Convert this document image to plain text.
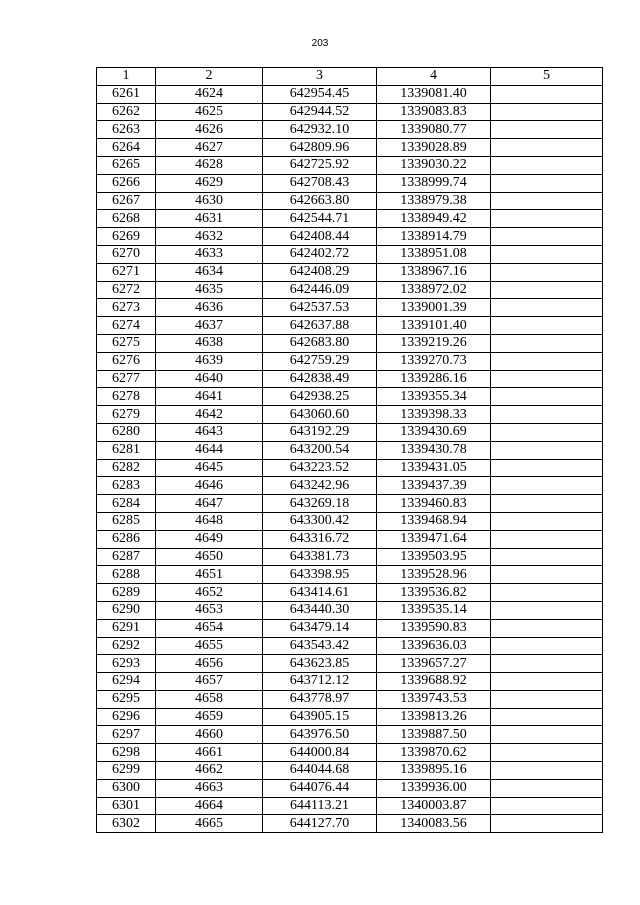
203
1	2	3	4	5
6261	4624	642954.45	1339081.40	
6262	4625	642944.52	1339083.83	
6263	4626	642932.10	1339080.77	
6264	4627	642809.96	1339028.89	
6265	4628	642725.92	1339030.22	
6266	4629	642708.43	1338999.74	
6267	4630	642663.80	1338979.38	
6268	4631	642544.71	1338949.42	
6269	4632	642408.44	1338914.79	
6270	4633	642402.72	1338951.08	
6271	4634	642408.29	1338967.16	
6272	4635	642446.09	1338972.02	
6273	4636	642537.53	1339001.39	
6274	4637	642637.88	1339101.40	
6275	4638	642683.80	1339219.26	
6276	4639	642759.29	1339270.73	
6277	4640	642838.49	1339286.16	
6278	4641	642938.25	1339355.34	
6279	4642	643060.60	1339398.33	
6280	4643	643192.29	1339430.69	
6281	4644	643200.54	1339430.78	
6282	4645	643223.52	1339431.05	
6283	4646	643242.96	1339437.39	
6284	4647	643269.18	1339460.83	
6285	4648	643300.42	1339468.94	
6286	4649	643316.72	1339471.64	
6287	4650	643381.73	1339503.95	
6288	4651	643398.95	1339528.96	
6289	4652	643414.61	1339536.82	
6290	4653	643440.30	1339535.14	
6291	4654	643479.14	1339590.83	
6292	4655	643543.42	1339636.03	
6293	4656	643623.85	1339657.27	
6294	4657	643712.12	1339688.92	
6295	4658	643778.97	1339743.53	
6296	4659	643905.15	1339813.26	
6297	4660	643976.50	1339887.50	
6298	4661	644000.84	1339870.62	
6299	4662	644044.68	1339895.16	
6300	4663	644076.44	1339936.00	
6301	4664	644113.21	1340003.87	
6302	4665	644127.70	1340083.56	
